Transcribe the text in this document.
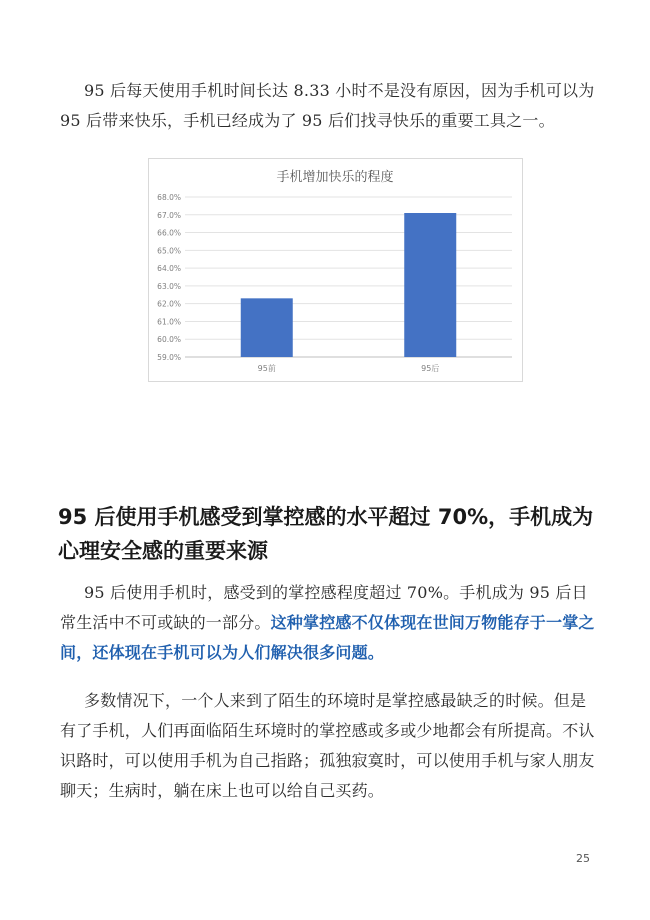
95 后每天使用手机时间长达 8.33 小时不是没有原因，因为手机可以为 95 后带来快乐，手机已经成为了 95 后们找寻快乐的重要工具之一。

手机增加快乐的程度
59.0%
60.0%
61.0%
62.0%
63.0%
64.0%
65.0%
66.0%
67.0%
68.0%
95前	95后
95 后使用手机感受到掌控感的水平超过 70%，手机成为心理安全感的重要来源

95 后使用手机时，感受到的掌控感程度超过 70%。手机成为 95 后日常生活中不可或缺的一部分。这种掌控感不仅体现在世间万物能存于一掌之间，还体现在手机可以为人们解决很多问题。

多数情况下，一个人来到了陌生的环境时是掌控感最缺乏的时候。但是有了手机，人们再面临陌生环境时的掌控感或多或少地都会有所提高。不认识路时，可以使用手机为自己指路；孤独寂寞时，可以使用手机与家人朋友聊天；生病时，躺在床上也可以给自己买药。

25
